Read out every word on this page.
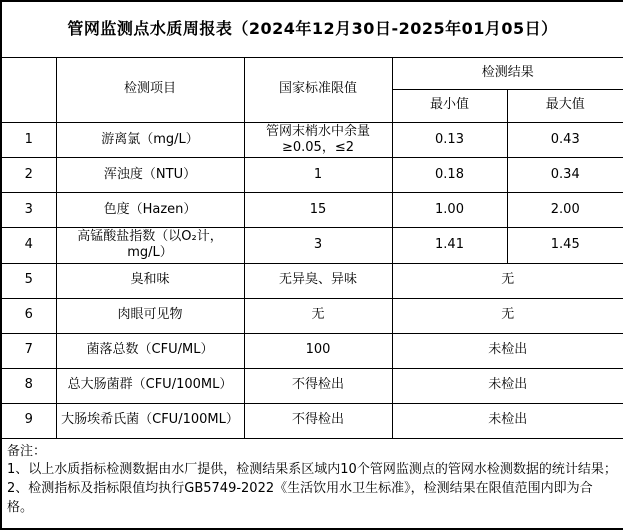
管网监测点水质周报表（2024年12月30日-2025年01月05日）				
	检测项目	国家标准限值	检测结果	
			最小值	最大值
1	游离氯（mg/L）	管网末梢水中余量≥0.05，≤2	0.13	0.43
2	浑浊度（NTU）	1	0.18	0.34
3	色度（Hazen）	15	1.00	2.00
4	高锰酸盐指数（以O₂计，mg/L）	3	1.41	1.45
5	臭和味	无异臭、异味	无	
6	肉眼可见物	无	无	
7	菌落总数（CFU/ML）	100	未检出	
8	总大肠菌群（CFU/100ML）	不得检出	未检出	
9	大肠埃希氏菌（CFU/100ML）	不得检出	未检出	

备注：

1、以上水质指标检测数据由水厂提供，检测结果系区域内10个管网监测点的管网水检测数据的统计结果；

2、检测指标及指标限值均执行GB5749-2022《生活饮用水卫生标准》，检测结果在限值范围内即为合格。				
